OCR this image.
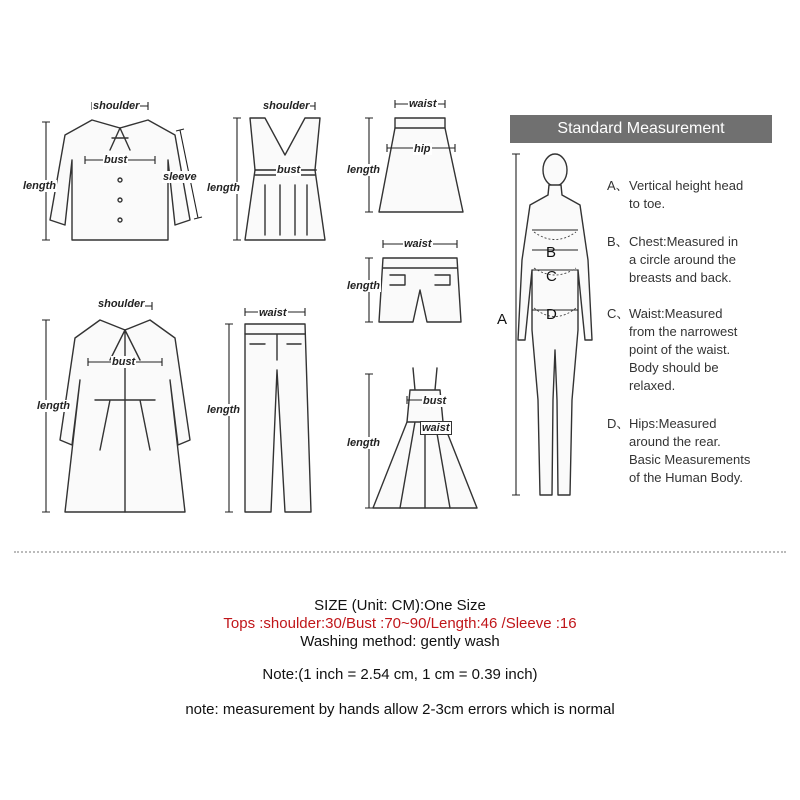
shoulder
bust
length
sleeve
shoulder
bust
length
waist
hip
length
waist
length
shoulder
bust
length
waist
length
bust
waist
length
Standard Measurement
A
B
C
D
A、Vertical height head
to toe.
B、Chest:Measured in
a circle around the
breasts and back.
C、Waist:Measured
from the narrowest
point of the waist.
Body should be
relaxed.
D、Hips:Measured
around the rear.
Basic Measurements
of the Human Body.
SIZE (Unit: CM):One Size
Tops :shoulder:30/Bust :70~90/Length:46 /Sleeve :16
Washing method: gently wash
Note:(1 inch = 2.54 cm, 1 cm = 0.39 inch)
note: measurement by hands allow 2-3cm errors which is normal
